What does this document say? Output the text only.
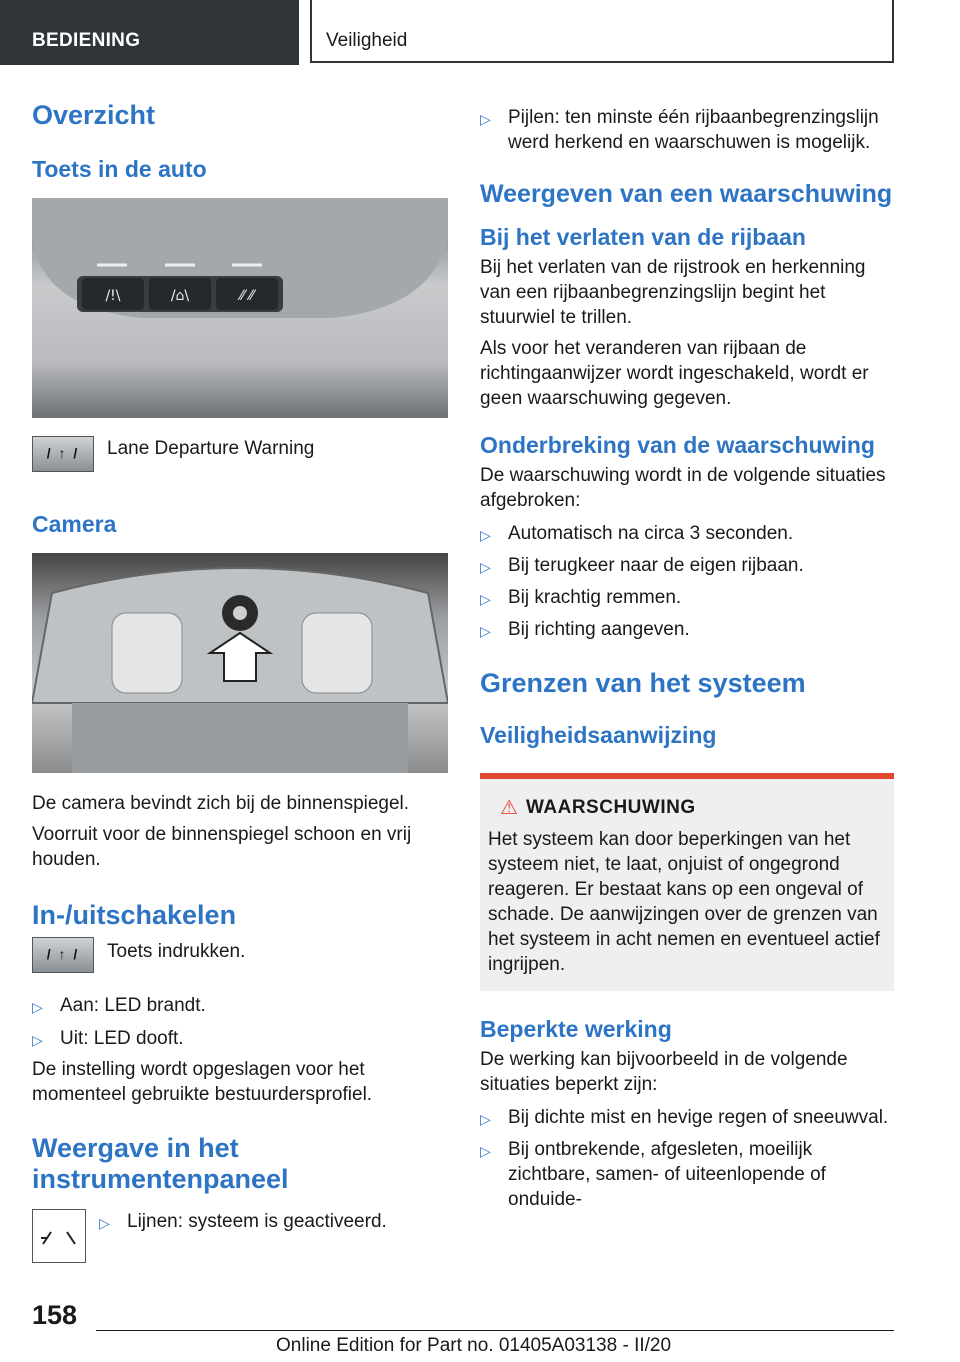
BEDIENING	Veiligheid
Overzicht
Toets in de auto
/!\	/⌂\	⁄⁄ ⁄⁄
/ ↑ /	Lane Departure Warning
Camera

De camera bevindt zich bij de binnenspiegel.

Voorruit voor de binnenspiegel schoon en vrij houden.

In-/uitschakelen
/ ↑ /	Toets indrukken.
▷ Aan: LED brandt.
▷ Uit: LED dooft.

De instelling wordt opgeslagen voor het momenteel gebruikte bestuurdersprofiel.

Weergave in het instrumentenpaneel
▷ Lijnen: systeem is geactiveerd.
▷ Pijlen: ten minste één rijbaanbegrenzingslijn werd herkend en waarschuwen is mogelijk.
Weergeven van een waarschuwing
Bij het verlaten van de rijbaan

Bij het verlaten van de rijstrook en herkenning van een rijbaanbegrenzingslijn begint het stuurwiel te trillen.

Als voor het veranderen van rijbaan de richtingaanwijzer wordt ingeschakeld, wordt er geen waarschuwing gegeven.

Onderbreking van de waarschuwing

De waarschuwing wordt in de volgende situaties afgebroken:

▷ Automatisch na circa 3 seconden.
▷ Bij terugkeer naar de eigen rijbaan.
▷ Bij krachtig remmen.
▷ Bij richting aangeven.
Grenzen van het systeem
Veiligheidsaanwijzing
⚠ WAARSCHUWING

Het systeem kan door beperkingen van het systeem niet, te laat, onjuist of ongegrond reageren. Er bestaat kans op een ongeval of schade. De aanwijzingen over de grenzen van het systeem in acht nemen en eventueel actief ingrijpen.

Beperkte werking

De werking kan bijvoorbeeld in de volgende situaties beperkt zijn:

▷ Bij dichte mist en hevige regen of sneeuwval.
▷ Bij ontbrekende, afgesleten, moeilijk zichtbare, samen- of uiteenlopende of onduide-
158
Online Edition for Part no. 01405A03138 - II/20
